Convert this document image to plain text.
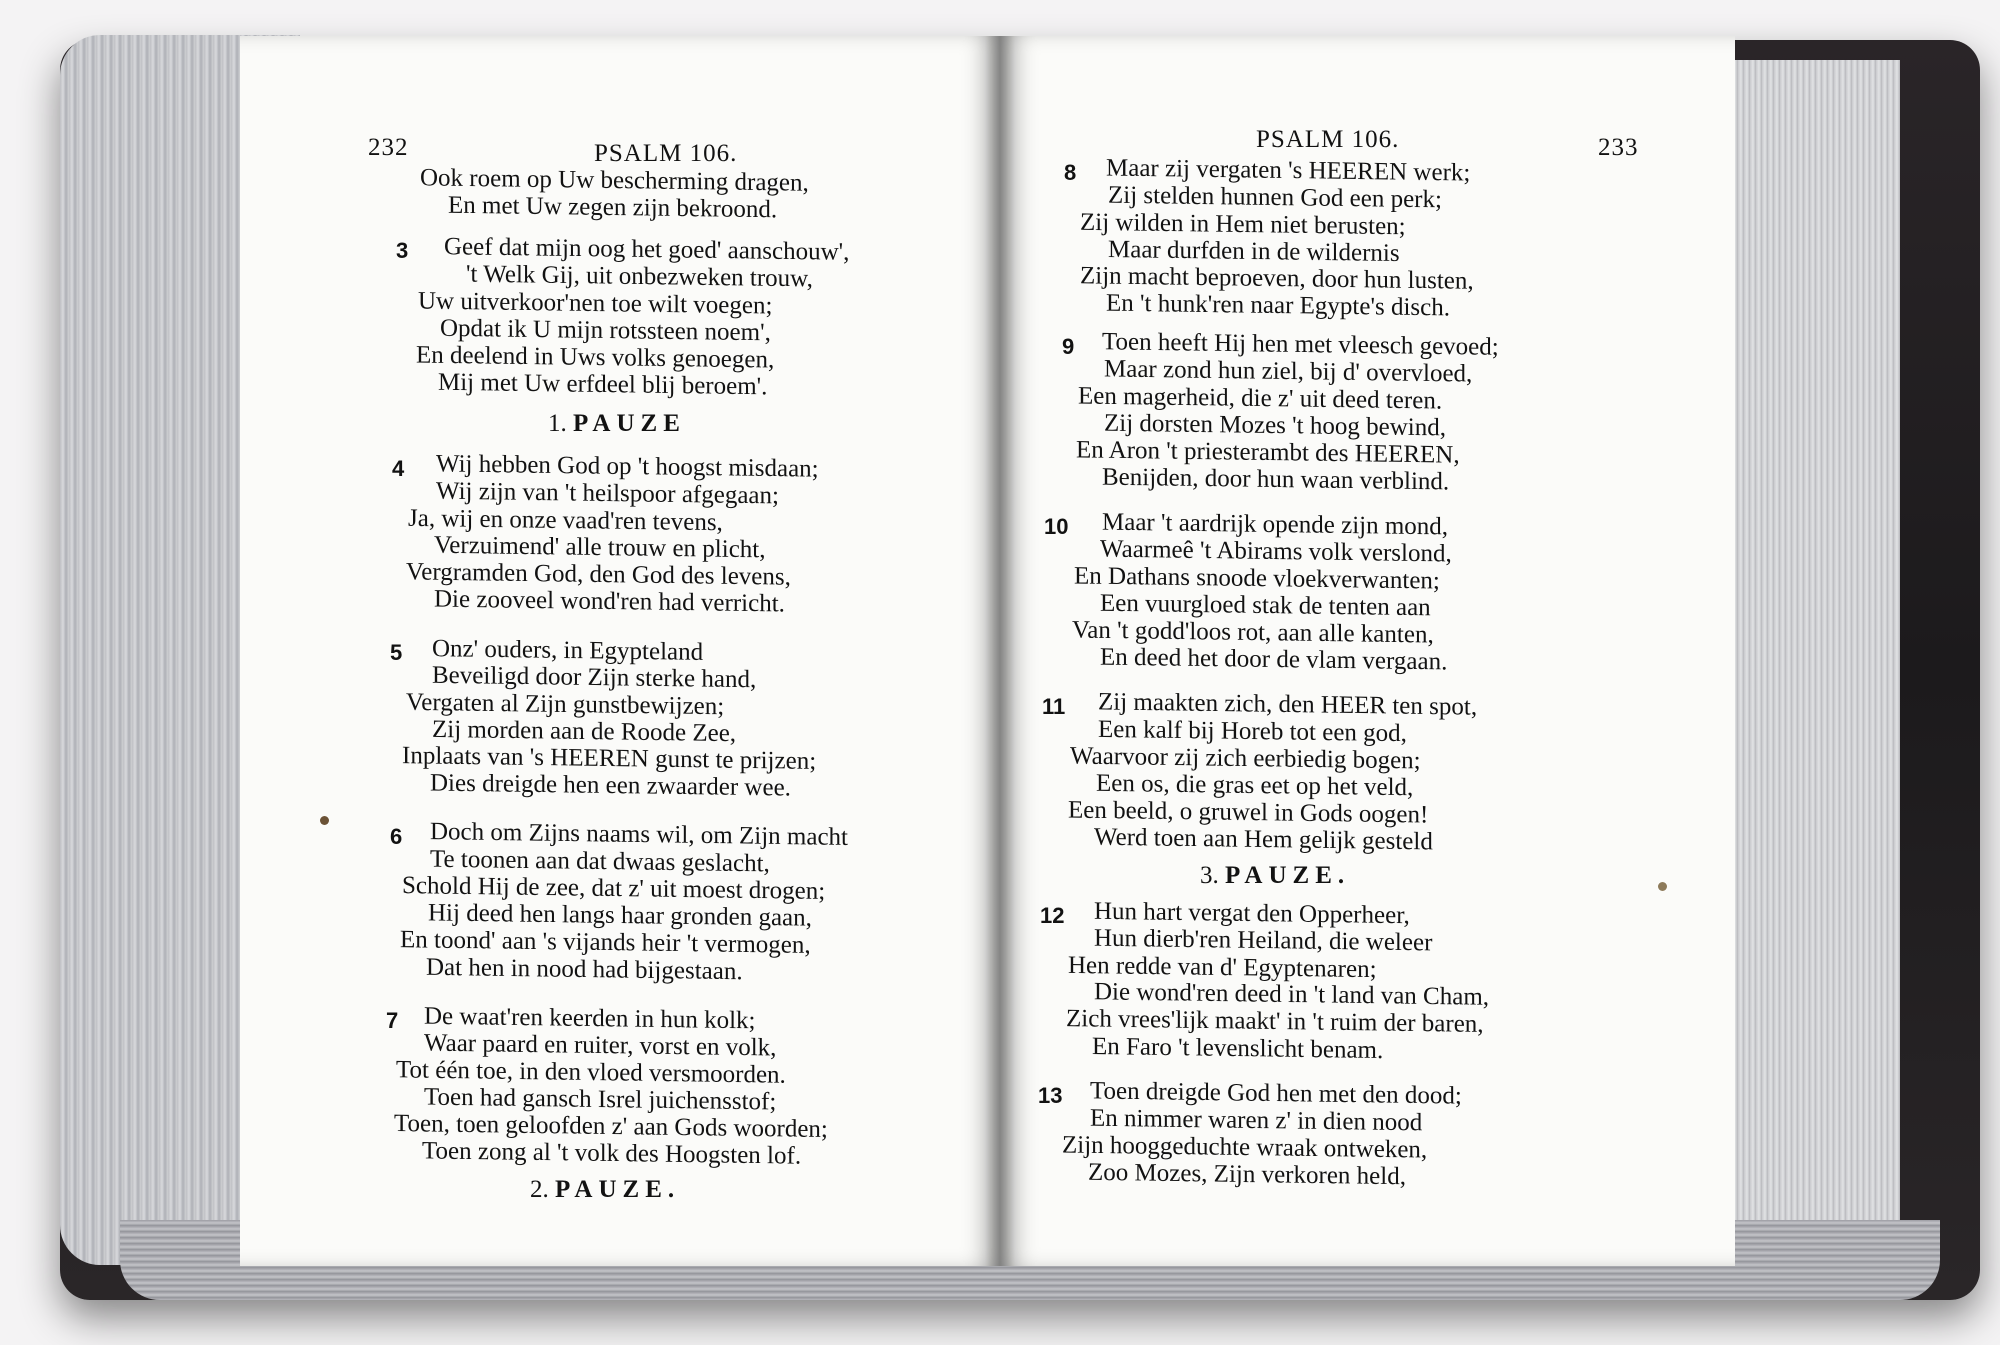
232	PSALM 106.
Ook roem op Uw bescherming dragen,
En met Uw zegen zijn bekroond.
3 Geef dat mijn oog het goed' aanschouw',
't Welk Gij, uit onbezweken trouw,
Uw uitverkoor'nen toe wilt voegen;
Opdat ik U mijn rotssteen noem',
En deelend in Uws volks genoegen,
Mij met Uw erfdeel blij beroem'.
1. PAUZE
4 Wij hebben God op 't hoogst misdaan;
Wij zijn van 't heilspoor afgegaan;
Ja, wij en onze vaad'ren tevens,
Verzuimend' alle trouw en plicht,
Vergramden God, den God des levens,
Die zooveel wond'ren had verricht.
5 Onz' ouders, in Egypteland
Beveiligd door Zijn sterke hand,
Vergaten al Zijn gunstbewijzen;
Zij morden aan de Roode Zee,
Inplaats van 's HEEREN gunst te prijzen;
Dies dreigde hen een zwaarder wee.
6 Doch om Zijns naams wil, om Zijn macht
Te toonen aan dat dwaas geslacht,
Schold Hij de zee, dat z' uit moest drogen;
Hij deed hen langs haar gronden gaan,
En toond' aan 's vijands heir 't vermogen,
Dat hen in nood had bijgestaan.
7 De waat'ren keerden in hun kolk;
Waar paard en ruiter, vorst en volk,
Tot één toe, in den vloed versmoorden.
Toen had gansch Isrel juichensstof;
Toen, toen geloofden z' aan Gods woorden;
Toen zong al 't volk des Hoogsten lof.
2. PAUZE.
PSALM 106.	233
8 Maar zij vergaten 's HEEREN werk;
Zij stelden hunnen God een perk;
Zij wilden in Hem niet berusten;
Maar durfden in de wildernis
Zijn macht beproeven, door hun lusten,
En 't hunk'ren naar Egypte's disch.
9 Toen heeft Hij hen met vleesch gevoed;
Maar zond hun ziel, bij d' overvloed,
Een magerheid, die z' uit deed teren.
Zij dorsten Mozes 't hoog bewind,
En Aron 't priesterambt des HEEREN,
Benijden, door hun waan verblind.
10 Maar 't aardrijk opende zijn mond,
Waarmeê 't Abirams volk verslond,
En Dathans snoode vloekverwanten;
Een vuurgloed stak de tenten aan
Van 't godd'loos rot, aan alle kanten,
En deed het door de vlam vergaan.
11 Zij maakten zich, den HEER ten spot,
Een kalf bij Horeb tot een god,
Waarvoor zij zich eerbiedig bogen;
Een os, die gras eet op het veld,
Een beeld, o gruwel in Gods oogen!
Werd toen aan Hem gelijk gesteld
3. PAUZE.
12 Hun hart vergat den Opperheer,
Hun dierb'ren Heiland, die weleer
Hen redde van d' Egyptenaren;
Die wond'ren deed in 't land van Cham,
Zich vrees'lijk maakt' in 't ruim der baren,
En Faro 't levenslicht benam.
13 Toen dreigde God hen met den dood;
En nimmer waren z' in dien nood
Zijn hooggeduchte wraak ontweken,
Zoo Mozes, Zijn verkoren held,
